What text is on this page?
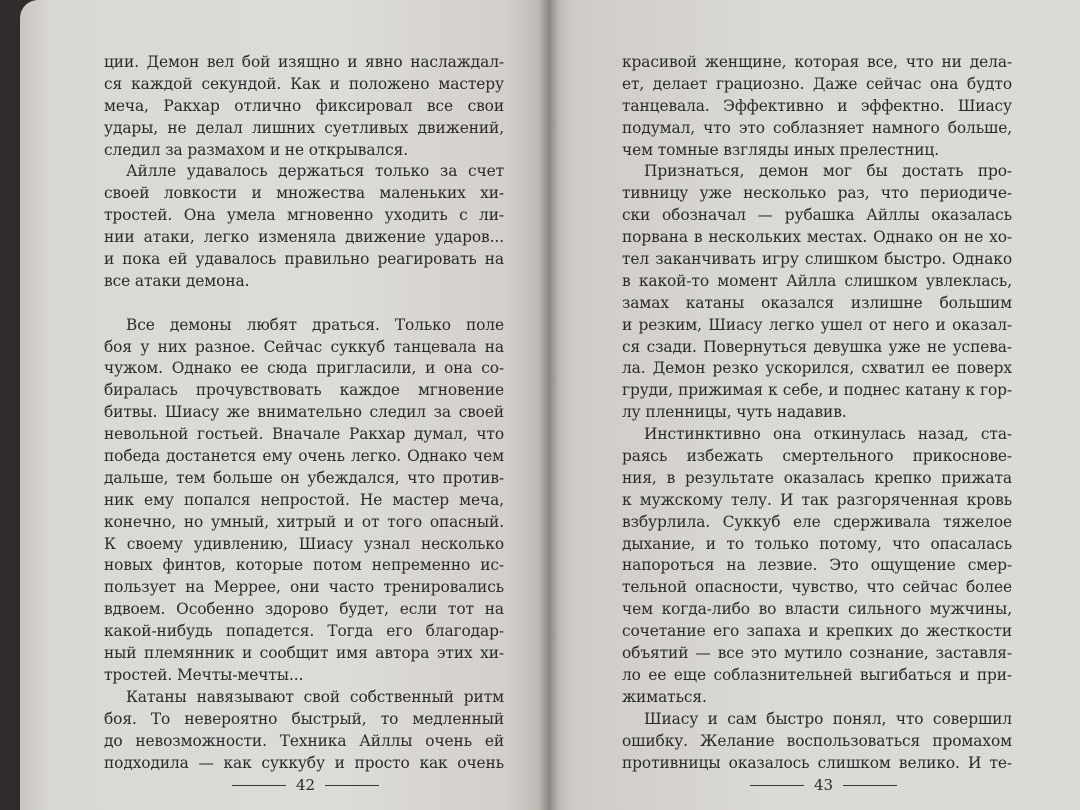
ции. Демон вел бой изящно и явно наслаждал-
ся каждой секундой. Как и положено мастеру
меча, Ракхар отлично фиксировал все свои
удары, не делал лишних суетливых движений,
следил за размахом и не открывался.
Айлле удавалось держаться только за счет
своей ловкости и множества маленьких хи-
тростей. Она умела мгновенно уходить с ли-
нии атаки, легко изменяла движение ударов...
и пока ей удавалось правильно реагировать на
все атаки демона.
Все демоны любят драться. Только поле
боя у них разное. Сейчас суккуб танцевала на
чужом. Однако ее сюда пригласили, и она со-
биралась прочувствовать каждое мгновение
битвы. Шиасу же внимательно следил за своей
невольной гостьей. Вначале Ракхар думал, что
победа достанется ему очень легко. Однако чем
дальше, тем больше он убеждался, что против-
ник ему попался непростой. Не мастер меча,
конечно, но умный, хитрый и от того опасный.
К своему удивлению, Шиасу узнал несколько
новых финтов, которые потом непременно ис-
пользует на Меррее, они часто тренировались
вдвоем. Особенно здорово будет, если тот на
какой-нибудь попадется. Тогда его благодар-
ный племянник и сообщит имя автора этих хи-
тростей. Мечты-мечты...
Катаны навязывают свой собственный ритм
боя. То невероятно быстрый, то медленный
до невозможности. Техника Айллы очень ей
подходила — как суккубу и просто как очень
42
красивой женщине, которая все, что ни дела-
ет, делает грациозно. Даже сейчас она будто
танцевала. Эффективно и эффектно. Шиасу
подумал, что это соблазняет намного больше,
чем томные взгляды иных прелестниц.
Признаться, демон мог бы достать про-
тивницу уже несколько раз, что периодиче-
ски обозначал — рубашка Айллы оказалась
порвана в нескольких местах. Однако он не хо-
тел заканчивать игру слишком быстро. Однако
в какой-то момент Айлла слишком увлеклась,
замах катаны оказался излишне большим
и резким, Шиасу легко ушел от него и оказал-
ся сзади. Повернуться девушка уже не успева-
ла. Демон резко ускорился, схватил ее поверх
груди, прижимая к себе, и поднес катану к гор-
лу пленницы, чуть надавив.
Инстинктивно она откинулась назад, ста-
раясь избежать смертельного прикоснове-
ния, в результате оказалась крепко прижата
к мужскому телу. И так разгоряченная кровь
взбурлила. Суккуб еле сдерживала тяжелое
дыхание, и то только потому, что опасалась
напороться на лезвие. Это ощущение смер-
тельной опасности, чувство, что сейчас более
чем когда-либо во власти сильного мужчины,
сочетание его запаха и крепких до жесткости
объятий — все это мутило сознание, заставля-
ло ее еще соблазнительней выгибаться и при-
жиматься.
Шиасу и сам быстро понял, что совершил
ошибку. Желание воспользоваться промахом
противницы оказалось слишком велико. И те-
43
